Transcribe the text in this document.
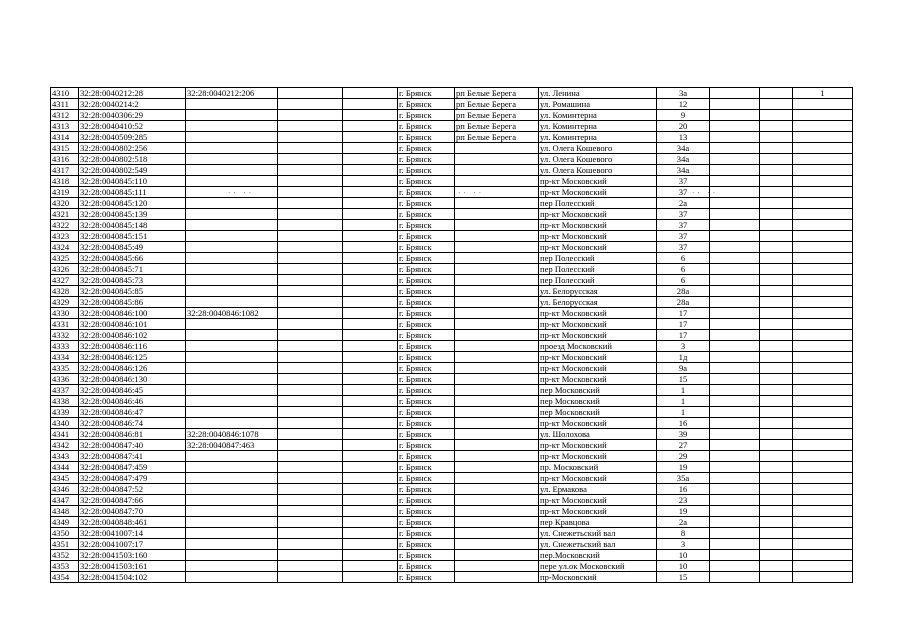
4310	32:28:0040212:28	32:28:0040212:206			г. Брянск	рп Белые Берега	ул. Ленина	3а			1
4311	32:28:0040214:2				г. Брянск	рп Белые Берега	ул. Ромашина	12			
4312	32:28:0040306:29				г. Брянск	рп Белые Берега	ул. Коминтерна	9			
4313	32:28:0040410:52				г. Брянск	рп Белые Берега	ул. Коминтерна	20			
4314	32:28:0040509:285				г. Брянск	рп Белые Берега	ул. Коминтерна	13			
4315	32:28:0040802:256				г. Брянск		ул. Олега Кошевого	34а			
4316	32:28:0040802:518				г. Брянск		ул. Олега Кошевого	34а			
4317	32:28:0040802:549				г. Брянск		ул. Олега Кошевого	34а			
4318	32:28:0040845:110				г. Брянск		пр-кт Московский	37			
4319	32:28:0040845:111				г. Брянск		пр-кт Московский	37			
4320	32:28:0040845:120				г. Брянск		пер Полесский	2а			
4321	32:28:0040845:139				г. Брянск		пр-кт Московский	37			
4322	32:28:0040845:148				г. Брянск		пр-кт Московский	37			
4323	32:28:0040845:151				г. Брянск		пр-кт Московский	37			
4324	32:28:0040845:49				г. Брянск		пр-кт Московский	37			
4325	32:28:0040845:66				г. Брянск		пер Полесский	6			
4326	32:28:0040845:71				г. Брянск		пер Полесский	6			
4327	32:28:0040845:73				г. Брянск		пер Полесский	6			
4328	32:28:0040845:85				г. Брянск		ул. Белорусская	28а			
4329	32:28:0040845:86				г. Брянск		ул. Белорусская	28а			
4330	32:28:0040846:100	32:28:0040846:1082			г. Брянск		пр-кт Московский	17			
4331	32:28:0040846:101				г. Брянск		пр-кт Московский	17			
4332	32:28:0040846:102				г. Брянск		пр-кт Московский	17			
4333	32:28:0040846:116				г. Брянск		проезд Московский	3			
4334	32:28:0040846:125				г. Брянск		пр-кт Московский	1д			
4335	32:28:0040846:126				г. Брянск		пр-кт Московский	9а			
4336	32:28:0040846:130				г. Брянск		пр-кт Московский	15			
4337	32:28:0040846:45				г. Брянск		пер Московский	1			
4338	32:28:0040846:46				г. Брянск		пер Московский	1			
4339	32:28:0040846:47				г. Брянск		пер Московский	1			
4340	32:28:0040846:74				г. Брянск		пр-кт Московский	16			
4341	32:28:0040846:81	32:28:0040846:1078			г. Брянск		ул. Шолохова	39			
4342	32:28:0040847:40	32:28:0040847:463			г. Брянск		пр-кт Московский	27			
4343	32:28:0040847:41				г. Брянск		пр-кт Московский	29			
4344	32:28:0040847:459				г. Брянск		пр. Московский	19			
4345	32:28:0040847:479				г. Брянск		пр-кт Московский	35а			
4346	32:28:0040847:52				г. Брянск		ул. Ермакова	16			
4347	32:28:0040847:66				г. Брянск		пр-кт Московский	23			
4348	32:28:0040847:70				г. Брянск		пр-кт Московский	19			
4349	32:28:0040848:461				г. Брянск		пер Кравцова	2а			
4350	32:28:0041007:14				г. Брянск		ул. Снежетьский вал	8			
4351	32:28:0041007:17				г. Брянск		ул. Снежетьский вал	3			
4352	32:28:0041503:160				г. Брянск		пер.Московский	10			
4353	32:28:0041503:161				г. Брянск		пере ул.ок Московский	10			
4354	32:28:0041504:102				г. Брянск		пр-Московский	15			
·· ··	·· ··	·· ··
